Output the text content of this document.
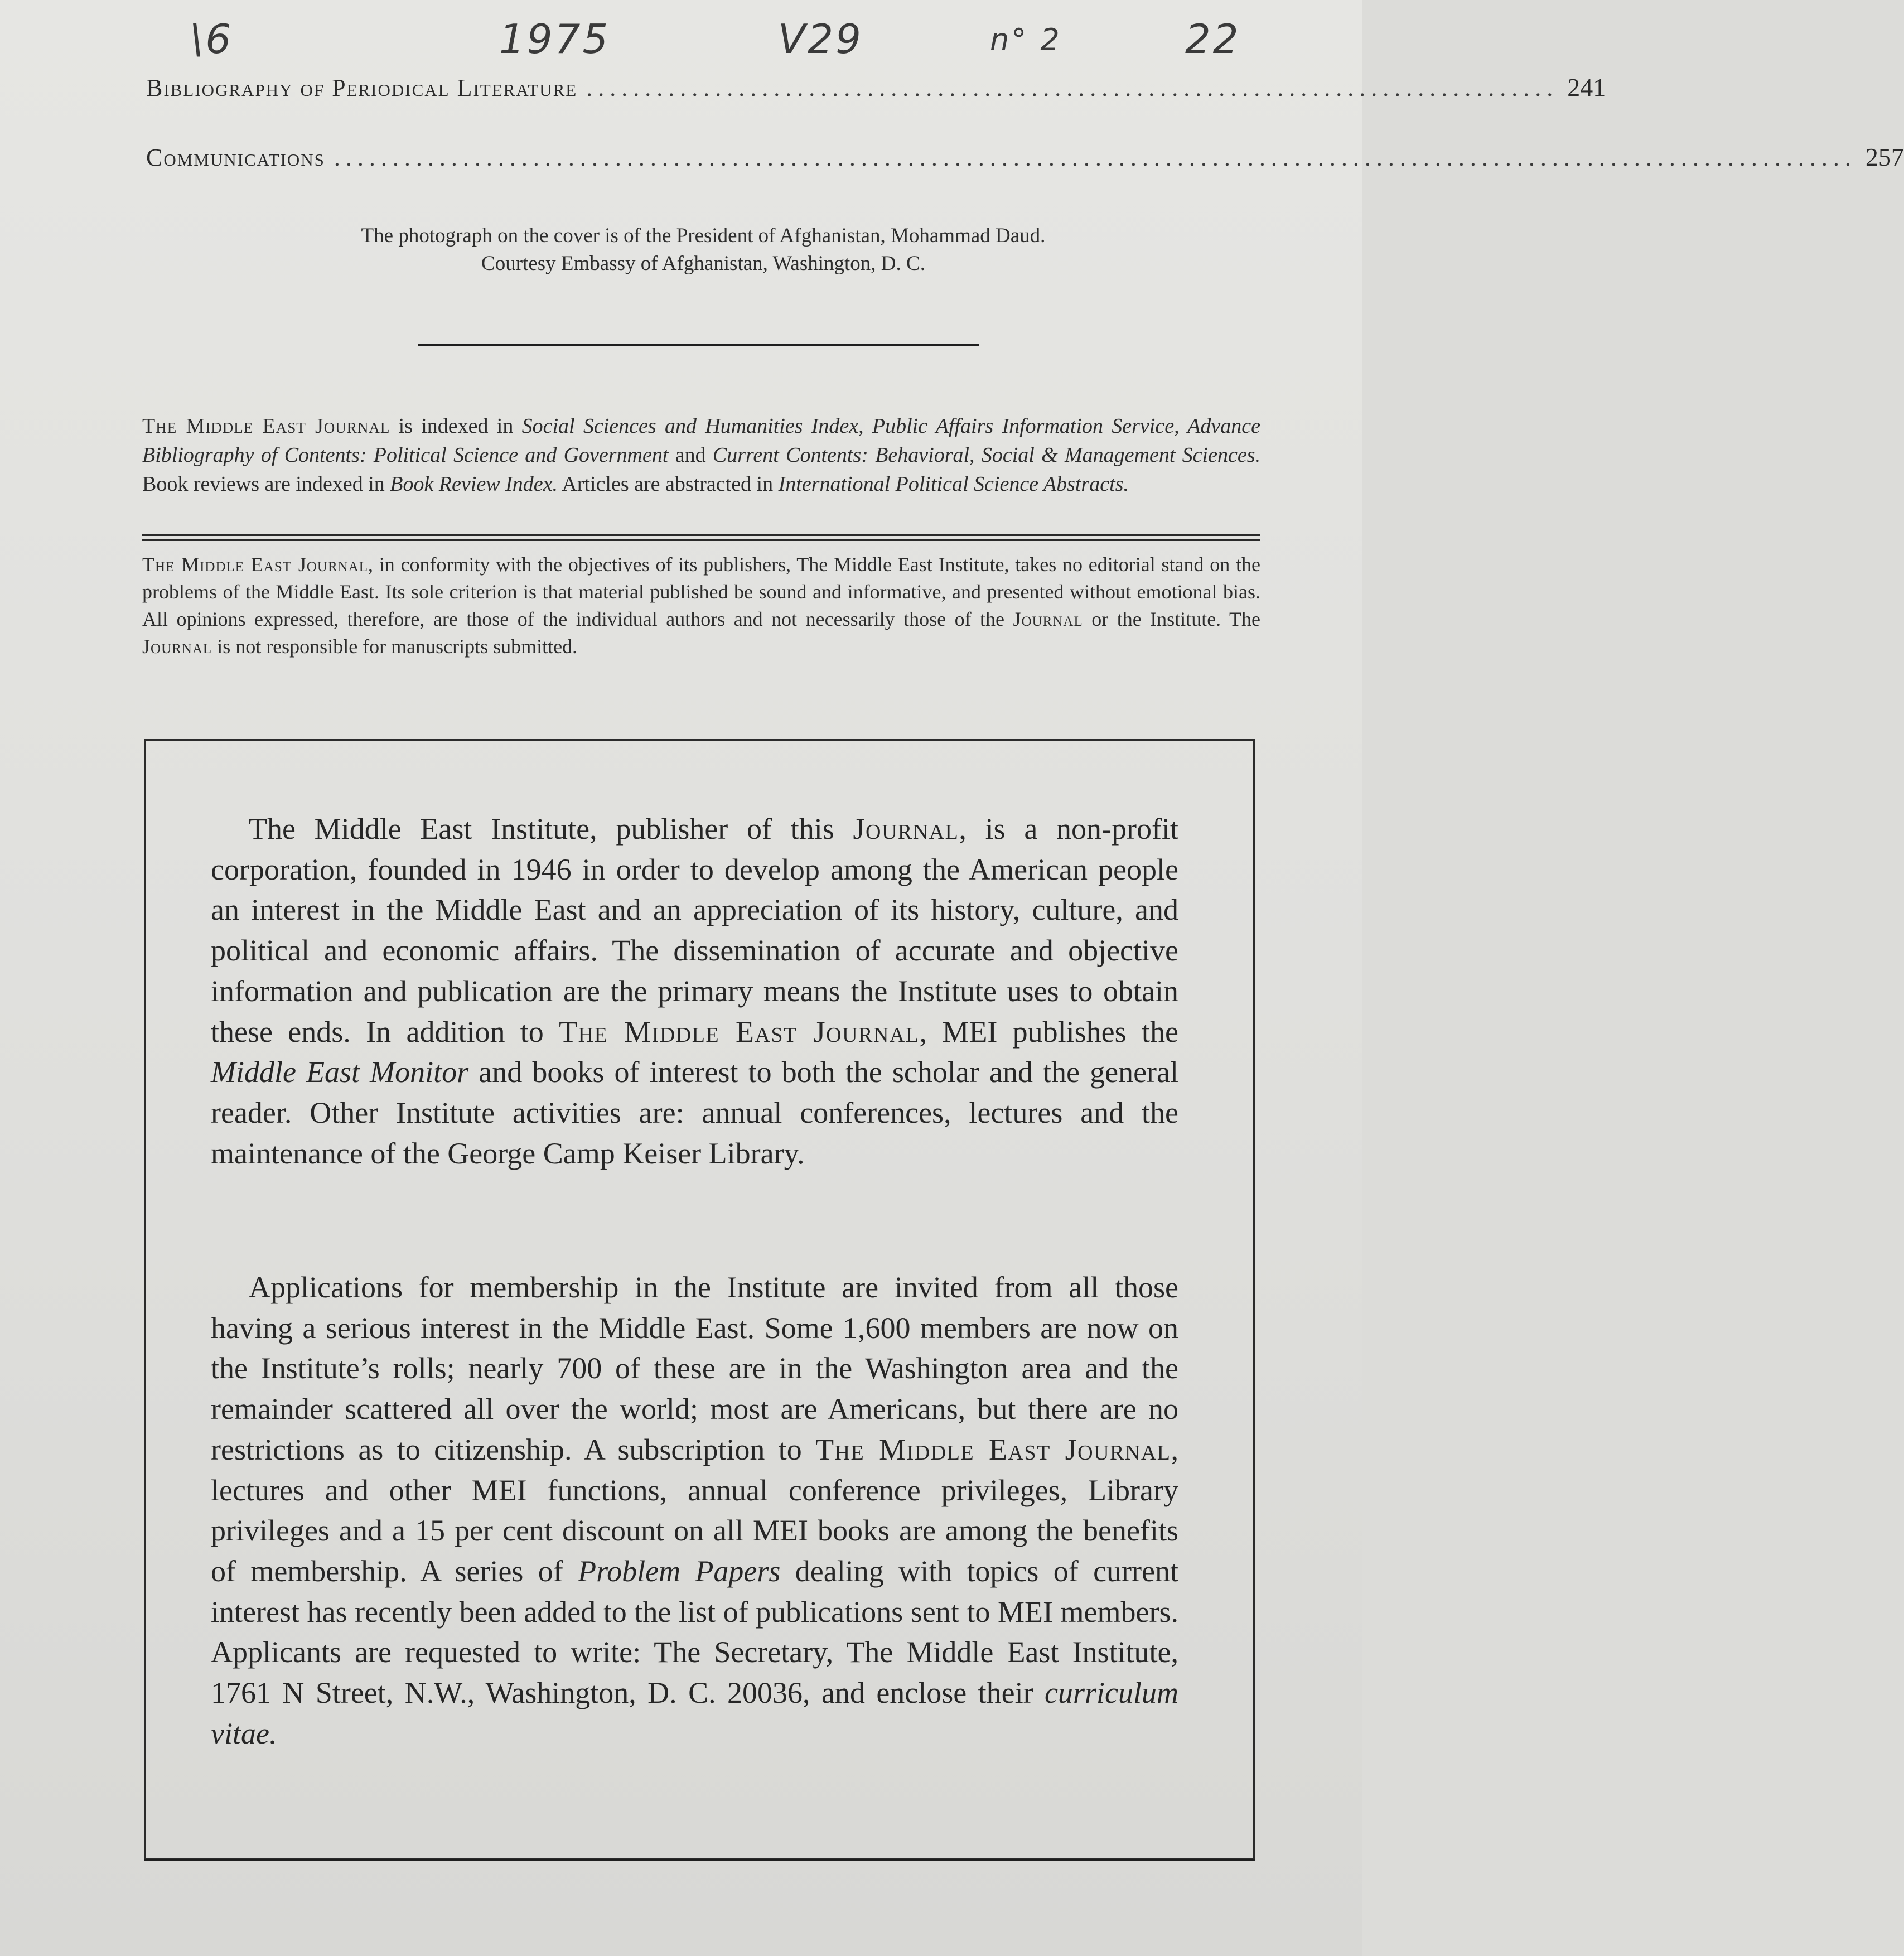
\6	1975	V29	n° 2	22
Bibliography of Periodical Literature ................................................................................... 241
Communications .................................................................................................................................. 257
The photograph on the cover is of the President of Afghanistan, Mohammad Daud.
Courtesy Embassy of Afghanistan, Washington, D. C.
The Middle East Journal is indexed in Social Sciences and Humanities Index, Public Affairs Information Service, Advance Bibliography of Contents: Political Science and Government and Current Contents: Behavioral, Social & Management Sciences. Book reviews are indexed in Book Review Index. Articles are abstracted in International Political Science Abstracts.
The Middle East Journal, in conformity with the objectives of its publishers, The Middle East Institute, takes no editorial stand on the problems of the Middle East. Its sole criterion is that material published be sound and informative, and presented without emotional bias. All opinions expressed, therefore, are those of the individual authors and not necessarily those of the Journal or the Institute. The Journal is not responsible for manuscripts submitted.
The Middle East Institute, publisher of this Journal, is a non-profit corporation, founded in 1946 in order to develop among the American people an interest in the Middle East and an appreciation of its history, culture, and political and economic affairs. The dissemination of accurate and objective information and publication are the primary means the Institute uses to obtain these ends. In addition to The Middle East Journal, MEI publishes the Middle East Monitor and books of interest to both the scholar and the general reader. Other Institute activities are: annual conferences, lectures and the maintenance of the George Camp Keiser Library.
Applications for membership in the Institute are invited from all those having a serious interest in the Middle East. Some 1,600 members are now on the Institute’s rolls; nearly 700 of these are in the Washington area and the remainder scattered all over the world; most are Americans, but there are no restrictions as to citizenship. A subscription to The Middle East Journal, lectures and other MEI functions, annual conference privileges, Library privileges and a 15 per cent discount on all MEI books are among the benefits of membership. A series of Problem Papers dealing with topics of current interest has recently been added to the list of publications sent to MEI members. Applicants are requested to write: The Secretary, The Middle East Institute, 1761 N Street, N.W., Washington, D. C. 20036, and enclose their curriculum vitae.
